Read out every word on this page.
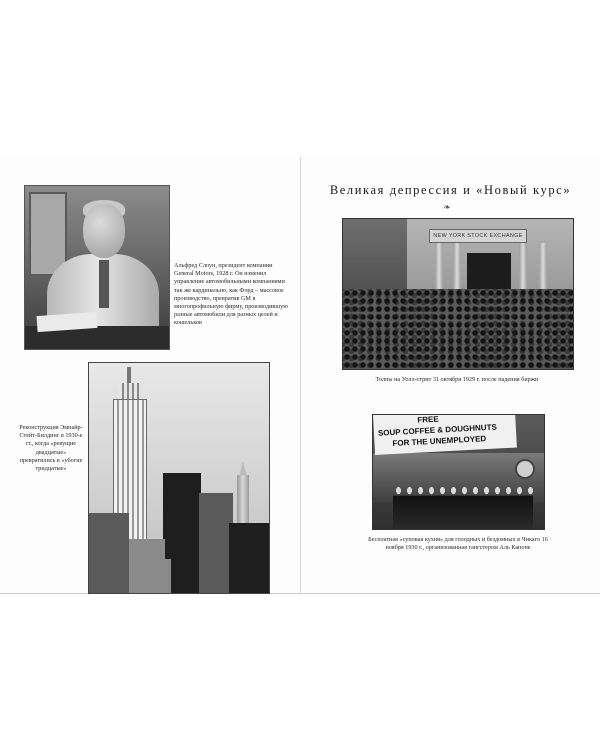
Альфред Слоун, президент компании General Motors, 1928 г. Он изменил управление автомобильными компаниями так же кардинально, как Форд – массовое производство, превратив GM в многопрофильную фирму, производившую разные автомобили для разных целей и кошельков
Реконструкция Эмпайр-Стейт-Билдинг в 1930-е гг., когда «ревущие двадцатые» превратились в «убогие тридцатые»
Великая депрессия и «Новый курс»
❧
NEW YORK STOCK EXCHANGE
Толпы на Уолл-стрит 31 октября 1929 г. после падения биржи
FREE
SOUP COFFEE & DOUGHNUTS
FOR THE UNEMPLOYED
Бесплатная «суповая кухня» для голодных и бездомных в Чикаго 16 ноября 1930 г., организованная гангстером Аль Капоне
